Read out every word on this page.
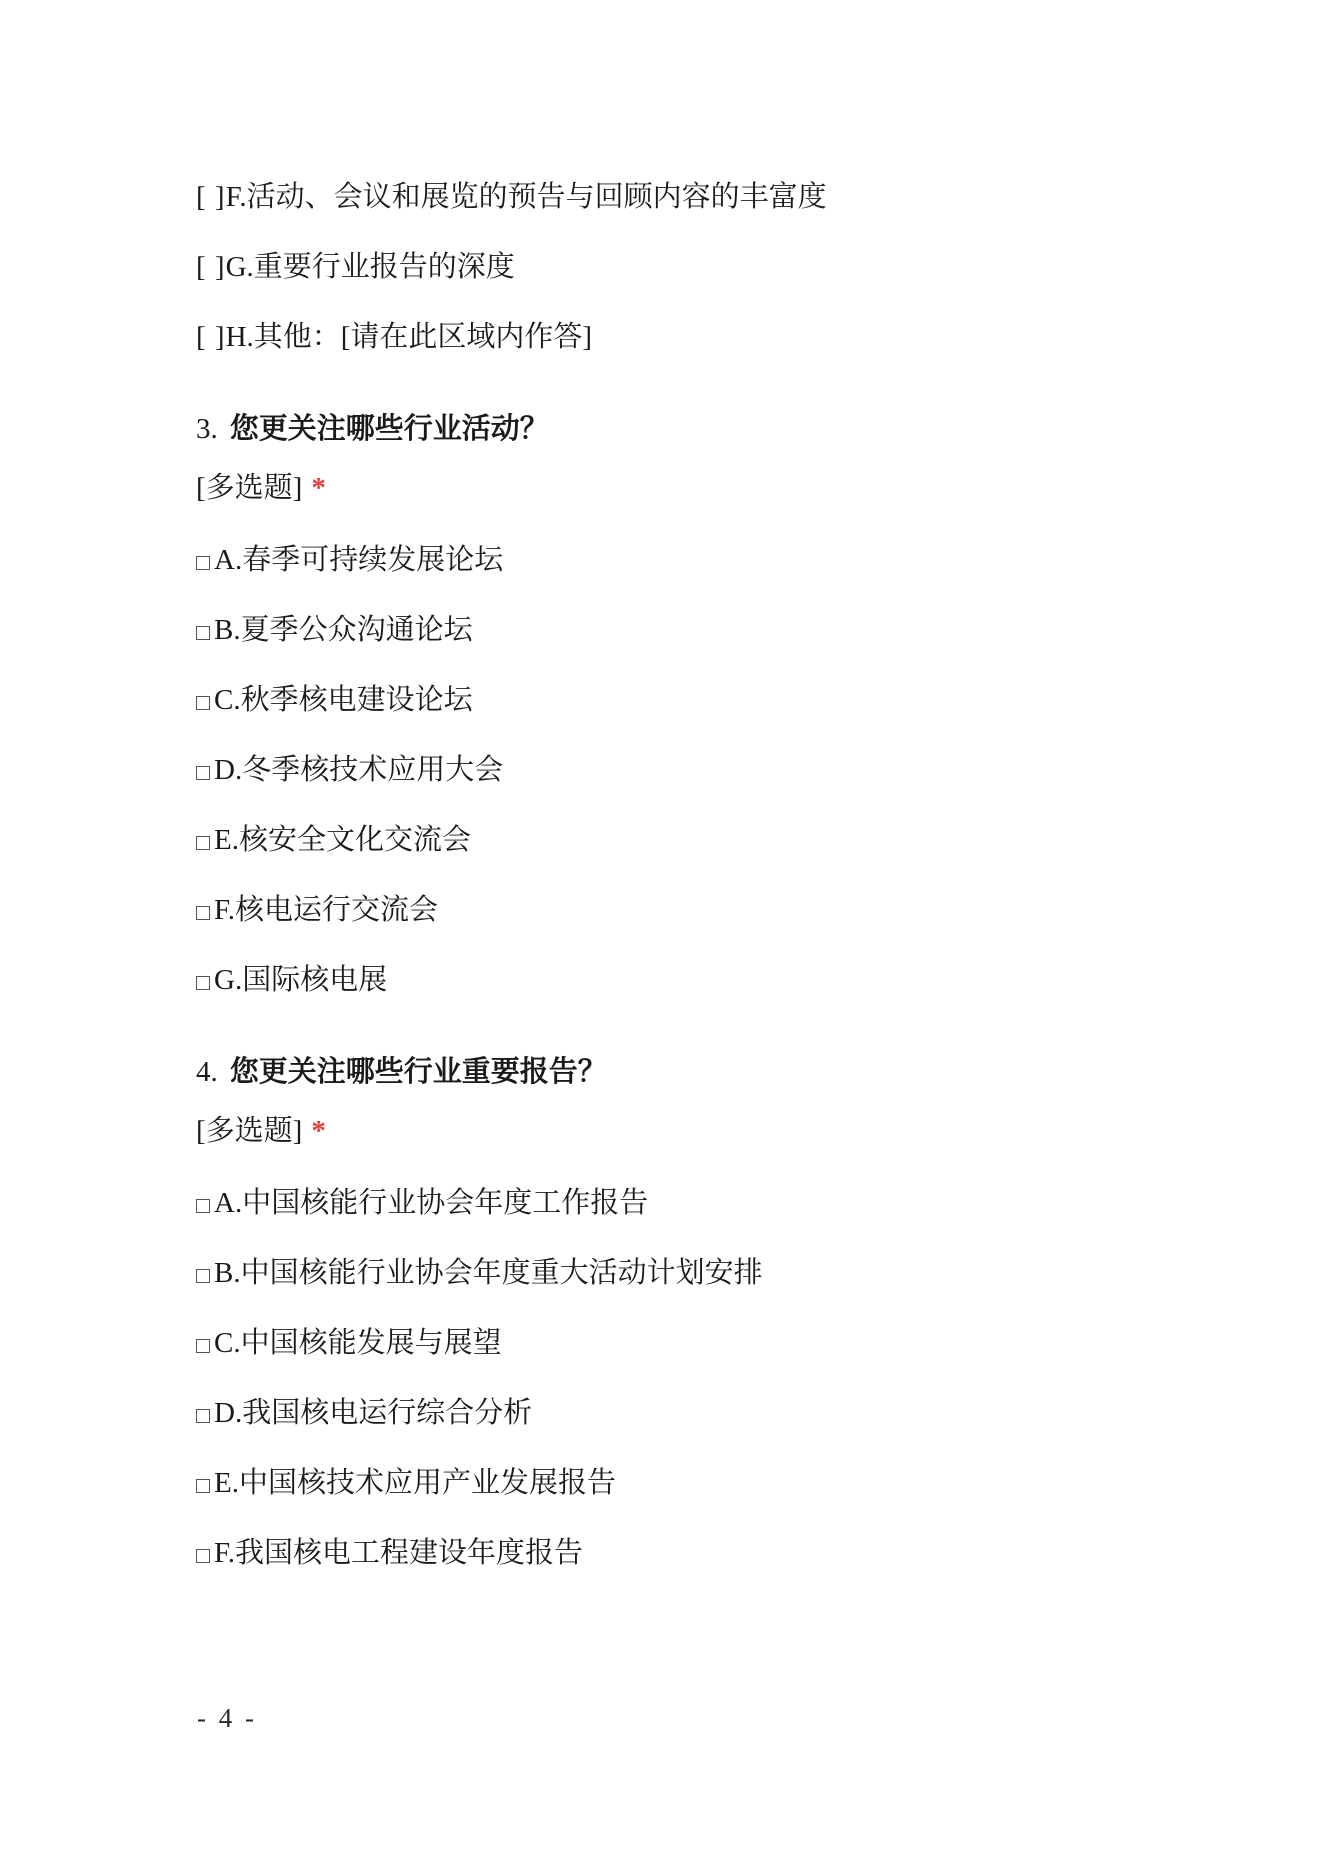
[ ]F.活动、会议和展览的预告与回顾内容的丰富度
[ ]G.重要行业报告的深度
[ ]H.其他：[请在此区域内作答]
3. 您更关注哪些行业活动？
[多选题] *
A.春季可持续发展论坛
B.夏季公众沟通论坛
C.秋季核电建设论坛
D.冬季核技术应用大会
E.核安全文化交流会
F.核电运行交流会
G.国际核电展
4. 您更关注哪些行业重要报告？
[多选题] *
A.中国核能行业协会年度工作报告
B.中国核能行业协会年度重大活动计划安排
C.中国核能发展与展望
D.我国核电运行综合分析
E.中国核技术应用产业发展报告
F.我国核电工程建设年度报告
- 4 -
